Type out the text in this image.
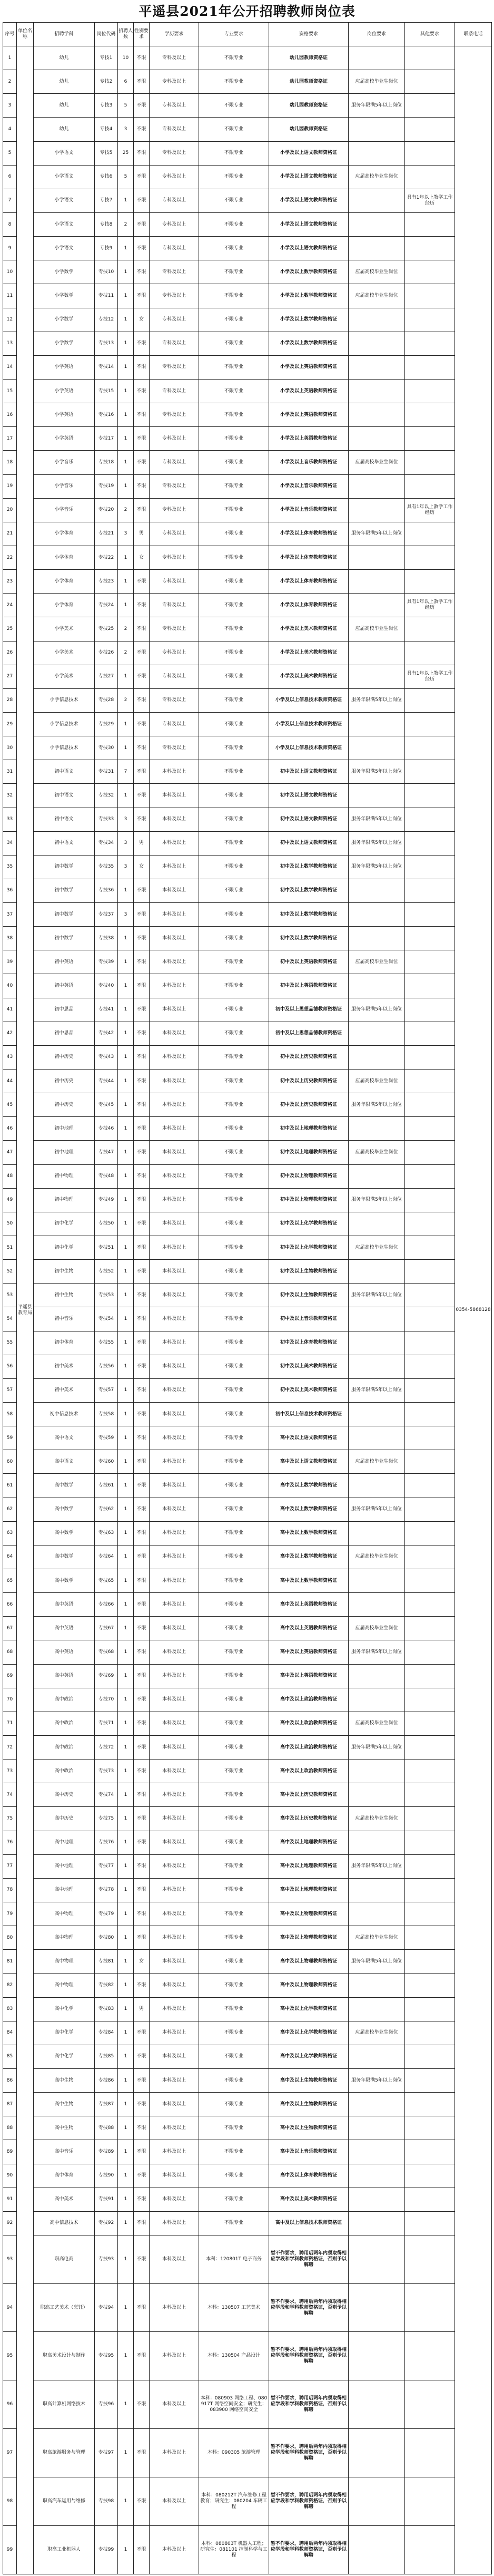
平遥县2021年公开招聘教师岗位表
序号	单位名称	招聘学科	岗位代码	招聘人数	性别要求	学历要求	专业要求	资格要求	岗位要求	其他要求	联系电话
1	平遥县教育局	幼儿	专技1	10	不限	专科及以上	不限专业	幼儿园教师资格证			0354-5868128
2		幼儿	专技2	6	不限	专科及以上	不限专业	幼儿园教师资格证	应届高校毕业生岗位		
3		幼儿	专技3	5	不限	专科及以上	不限专业	幼儿园教师资格证	服务年限满5年以上岗位		
4		幼儿	专技4	3	不限	专科及以上	不限专业	幼儿园教师资格证			
5		小学语文	专技5	25	不限	专科及以上	不限专业	小学及以上语文教师资格证			
6		小学语文	专技6	5	不限	专科及以上	不限专业	小学及以上语文教师资格证	应届高校毕业生岗位		
7		小学语文	专技7	1	不限	专科及以上	不限专业	小学及以上语文教师资格证		具有1年以上教学工作经历	
8		小学语文	专技8	2	不限	专科及以上	不限专业	小学及以上语文教师资格证			
9		小学语文	专技9	1	不限	专科及以上	不限专业	小学及以上语文教师资格证			
10		小学数学	专技10	1	不限	专科及以上	不限专业	小学及以上数学教师资格证	应届高校毕业生岗位		
11		小学数学	专技11	1	不限	专科及以上	不限专业	小学及以上数学教师资格证	应届高校毕业生岗位		
12		小学数学	专技12	1	女	专科及以上	不限专业	小学及以上数学教师资格证			
13		小学数学	专技13	1	不限	专科及以上	不限专业	小学及以上数学教师资格证			
14		小学英语	专技14	1	不限	专科及以上	不限专业	小学及以上英语教师资格证			
15		小学英语	专技15	1	不限	专科及以上	不限专业	小学及以上英语教师资格证			
16		小学英语	专技16	1	不限	专科及以上	不限专业	小学及以上英语教师资格证			
17		小学英语	专技17	1	不限	专科及以上	不限专业	小学及以上英语教师资格证			
18		小学音乐	专技18	1	不限	专科及以上	不限专业	小学及以上音乐教师资格证	应届高校毕业生岗位		
19		小学音乐	专技19	1	不限	专科及以上	不限专业	小学及以上音乐教师资格证			
20		小学音乐	专技20	2	不限	专科及以上	不限专业	小学及以上音乐教师资格证		具有1年以上教学工作经历	
21		小学体育	专技21	3	男	专科及以上	不限专业	小学及以上体育教师资格证	服务年限满5年以上岗位		
22		小学体育	专技22	1	女	专科及以上	不限专业	小学及以上体育教师资格证			
23		小学体育	专技23	1	不限	专科及以上	不限专业	小学及以上体育教师资格证			
24		小学体育	专技24	1	不限	专科及以上	不限专业	小学及以上体育教师资格证		具有1年以上教学工作经历	
25		小学美术	专技25	2	不限	专科及以上	不限专业	小学及以上美术教师资格证	应届高校毕业生岗位		
26		小学美术	专技26	2	不限	专科及以上	不限专业	小学及以上美术教师资格证			
27		小学美术	专技27	1	不限	专科及以上	不限专业	小学及以上美术教师资格证		具有1年以上教学工作经历	
28		小学信息技术	专技28	2	不限	专科及以上	不限专业	小学及以上信息技术教师资格证	服务年限满5年以上岗位		
29		小学信息技术	专技29	1	不限	专科及以上	不限专业	小学及以上信息技术教师资格证			
30		小学信息技术	专技30	1	不限	专科及以上	不限专业	小学及以上信息技术教师资格证			
31		初中语文	专技31	7	不限	本科及以上	不限专业	初中及以上语文教师资格证	服务年限满5年以上岗位		
32		初中语文	专技32	1	不限	本科及以上	不限专业	初中及以上语文教师资格证			
33		初中语文	专技33	3	不限	本科及以上	不限专业	初中及以上语文教师资格证	服务年限满5年以上岗位		
34		初中语文	专技34	3	男	本科及以上	不限专业	初中及以上语文教师资格证	服务年限满5年以上岗位		
35		初中数学	专技35	3	女	本科及以上	不限专业	初中及以上数学教师资格证	服务年限满5年以上岗位		
36		初中数学	专技36	1	不限	本科及以上	不限专业	初中及以上数学教师资格证			
37		初中数学	专技37	3	不限	本科及以上	不限专业	初中及以上数学教师资格证			
38		初中数学	专技38	1	不限	本科及以上	不限专业	初中及以上数学教师资格证			
39		初中英语	专技39	1	不限	本科及以上	不限专业	初中及以上英语教师资格证	应届高校毕业生岗位		
40		初中英语	专技40	1	不限	本科及以上	不限专业	初中及以上英语教师资格证			
41		初中思品	专技41	1	不限	本科及以上	不限专业	初中及以上思想品德教师资格证	服务年限满5年以上岗位		
42		初中思品	专技42	1	不限	本科及以上	不限专业	初中及以上思想品德教师资格证			
43		初中历史	专技43	1	不限	本科及以上	不限专业	初中及以上历史教师资格证			
44		初中历史	专技44	1	不限	本科及以上	不限专业	初中及以上历史教师资格证	应届高校毕业生岗位		
45		初中历史	专技45	1	不限	本科及以上	不限专业	初中及以上历史教师资格证	服务年限满5年以上岗位		
46		初中地理	专技46	1	不限	本科及以上	不限专业	初中及以上地理教师资格证			
47		初中地理	专技47	1	不限	本科及以上	不限专业	初中及以上地理教师资格证	应届高校毕业生岗位		
48		初中物理	专技48	1	不限	本科及以上	不限专业	初中及以上物理教师资格证			
49		初中物理	专技49	1	不限	本科及以上	不限专业	初中及以上物理教师资格证	服务年限满5年以上岗位		
50		初中化学	专技50	1	不限	本科及以上	不限专业	初中及以上化学教师资格证			
51		初中化学	专技51	1	不限	本科及以上	不限专业	初中及以上化学教师资格证	应届高校毕业生岗位		
52		初中生物	专技52	1	不限	本科及以上	不限专业	初中及以上生物教师资格证			
53		初中生物	专技53	1	不限	本科及以上	不限专业	初中及以上生物教师资格证	服务年限满5年以上岗位		
54		初中音乐	专技54	1	不限	本科及以上	不限专业	初中及以上音乐教师资格证			
55		初中体育	专技55	1	不限	本科及以上	不限专业	初中及以上体育教师资格证			
56		初中美术	专技56	1	不限	本科及以上	不限专业	初中及以上美术教师资格证			
57		初中美术	专技57	1	不限	本科及以上	不限专业	初中及以上美术教师资格证	服务年限满5年以上岗位		
58		初中信息技术	专技58	1	不限	本科及以上	不限专业	初中及以上信息技术教师资格证			
59		高中语文	专技59	1	不限	本科及以上	不限专业	高中及以上语文教师资格证			
60		高中语文	专技60	1	不限	本科及以上	不限专业	高中及以上语文教师资格证	应届高校毕业生岗位		
61		高中数学	专技61	1	不限	本科及以上	不限专业	高中及以上数学教师资格证			
62		高中数学	专技62	1	不限	本科及以上	不限专业	高中及以上数学教师资格证	服务年限满5年以上岗位		
63		高中数学	专技63	1	不限	本科及以上	不限专业	高中及以上数学教师资格证			
64		高中数学	专技64	1	不限	本科及以上	不限专业	高中及以上数学教师资格证	应届高校毕业生岗位		
65		高中数学	专技65	1	不限	本科及以上	不限专业	高中及以上数学教师资格证			
66		高中英语	专技66	1	不限	本科及以上	不限专业	高中及以上英语教师资格证			
67		高中英语	专技67	1	不限	本科及以上	不限专业	高中及以上英语教师资格证	应届高校毕业生岗位		
68		高中英语	专技68	1	不限	本科及以上	不限专业	高中及以上英语教师资格证	服务年限满5年以上岗位		
69		高中英语	专技69	1	不限	本科及以上	不限专业	高中及以上英语教师资格证			
70		高中政治	专技70	1	不限	本科及以上	不限专业	高中及以上政治教师资格证			
71		高中政治	专技71	1	不限	本科及以上	不限专业	高中及以上政治教师资格证	应届高校毕业生岗位		
72		高中政治	专技72	1	不限	本科及以上	不限专业	高中及以上政治教师资格证	服务年限满5年以上岗位		
73		高中政治	专技73	1	不限	本科及以上	不限专业	高中及以上政治教师资格证			
74		高中历史	专技74	1	不限	本科及以上	不限专业	高中及以上历史教师资格证			
75		高中历史	专技75	1	不限	本科及以上	不限专业	高中及以上历史教师资格证	应届高校毕业生岗位		
76		高中地理	专技76	1	不限	本科及以上	不限专业	高中及以上地理教师资格证			
77		高中地理	专技77	1	不限	本科及以上	不限专业	高中及以上地理教师资格证	服务年限满5年以上岗位		
78		高中地理	专技78	1	不限	本科及以上	不限专业	高中及以上地理教师资格证			
79		高中物理	专技79	1	不限	本科及以上	不限专业	高中及以上物理教师资格证			
80		高中物理	专技80	1	不限	本科及以上	不限专业	高中及以上物理教师资格证	应届高校毕业生岗位		
81		高中物理	专技81	1	女	本科及以上	不限专业	高中及以上物理教师资格证	服务年限满5年以上岗位		
82		高中物理	专技82	1	不限	本科及以上	不限专业	高中及以上物理教师资格证			
83		高中化学	专技83	1	男	本科及以上	不限专业	高中及以上化学教师资格证			
84		高中化学	专技84	1	不限	本科及以上	不限专业	高中及以上化学教师资格证	应届高校毕业生岗位		
85		高中化学	专技85	1	不限	本科及以上	不限专业	高中及以上化学教师资格证			
86		高中生物	专技86	1	不限	本科及以上	不限专业	高中及以上生物教师资格证	服务年限满5年以上岗位		
87		高中生物	专技87	1	不限	本科及以上	不限专业	高中及以上生物教师资格证			
88		高中生物	专技88	1	不限	本科及以上	不限专业	高中及以上生物教师资格证			
89		高中音乐	专技89	1	不限	本科及以上	不限专业	高中及以上音乐教师资格证			
90		高中体育	专技90	1	不限	本科及以上	不限专业	高中及以上体育教师资格证			
91		高中美术	专技91	1	不限	本科及以上	不限专业	高中及以上美术教师资格证			
92		高中信息技术	专技92	1	不限	本科及以上	不限专业	高中及以上信息技术教师资格证			
93		职高电商	专技93	1	不限	本科及以上	本科：120801T 电子商务	暂不作要求，聘用后两年内须取得相应学段和学科教师资格证，否则予以解聘			
94		职高工艺美术（烹饪）	专技94	1	不限	本科及以上	本科：130507 工艺美术	暂不作要求，聘用后两年内须取得相应学段和学科教师资格证，否则予以解聘			
95		职高美术设计与制作	专技95	1	不限	本科及以上	本科：130504 产品设计	暂不作要求，聘用后两年内须取得相应学段和学科教师资格证，否则予以解聘			
96		职高计算机网络技术	专技96	1	不限	本科及以上	本科：080903 网络工程、080917T 网络空间安全；研究生：083900 网络空间安全	暂不作要求，聘用后两年内须取得相应学段和学科教师资格证，否则予以解聘			
97		职高旅游服务与管理	专技97	1	不限	本科及以上	本科：090305 旅游管理	暂不作要求，聘用后两年内须取得相应学段和学科教师资格证，否则予以解聘			
98		职高汽车运用与维修	专技98	1	不限	本科及以上	本科：080212T 汽车维修工程教育；研究生：080204 车辆工程	暂不作要求，聘用后两年内须取得相应学段和学科教师资格证，否则予以解聘			
99		职高工业机器人	专技99	1	不限	本科及以上	本科：080803T 机器人工程；研究生：081101 控制科学与工程	暂不作要求，聘用后两年内须取得相应学段和学科教师资格证，否则予以解聘			
